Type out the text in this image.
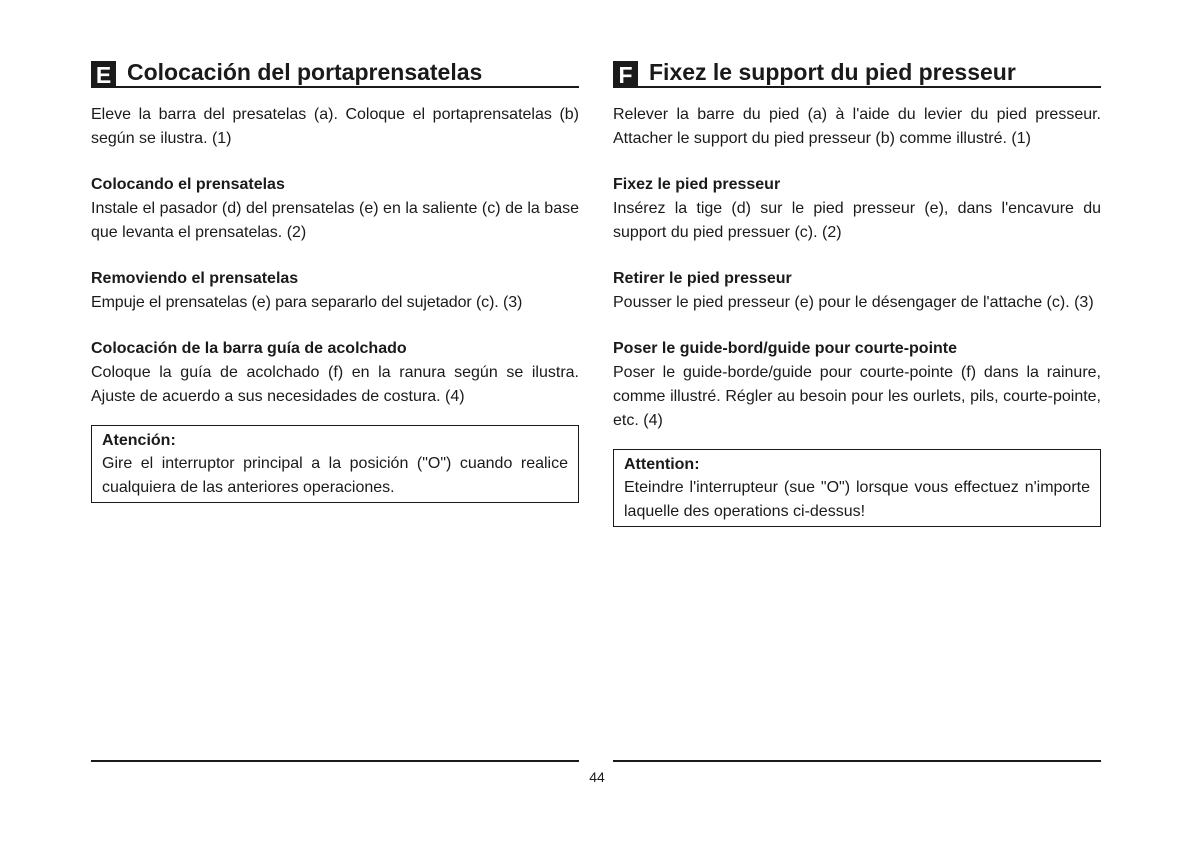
E Colocación del portaprensatelas

Eleve la barra del presatelas (a). Coloque el portaprensatelas (b) según se ilustra. (1)

Colocando el prensatelas

Instale el pasador (d) del prensatelas (e) en la saliente (c) de la base que levanta el prensatelas. (2)

Removiendo el prensatelas

Empuje el prensatelas (e) para separarlo del sujetador (c). (3)

Colocación de la barra guía de acolchado

Coloque la guía de acolchado (f) en la ranura según se ilustra. Ajuste de acuerdo a sus necesidades de costura. (4)

Atención:

Gire el interruptor principal a la posición ("O") cuando realice cualquiera de las anteriores operaciones.

F Fixez le support du pied presseur

Relever la barre du pied (a) à l'aide du levier du pied presseur. Attacher le support du pied presseur (b) comme illustré. (1)

Fixez le pied presseur

Insérez la tige (d) sur le pied presseur (e), dans l'encavure du support du pied pressuer (c). (2)

Retirer le pied presseur

Pousser le pied presseur (e) pour le désengager de l'attache (c). (3)

Poser le guide-bord/guide pour courte-pointe

Poser le guide-borde/guide pour courte-pointe (f) dans la rainure, comme illustré. Régler au besoin pour les ourlets, pils, courte-pointe, etc. (4)

Attention:

Eteindre l'interrupteur (sue "O") lorsque vous effectuez n'importe laquelle des operations ci-dessus!

44
